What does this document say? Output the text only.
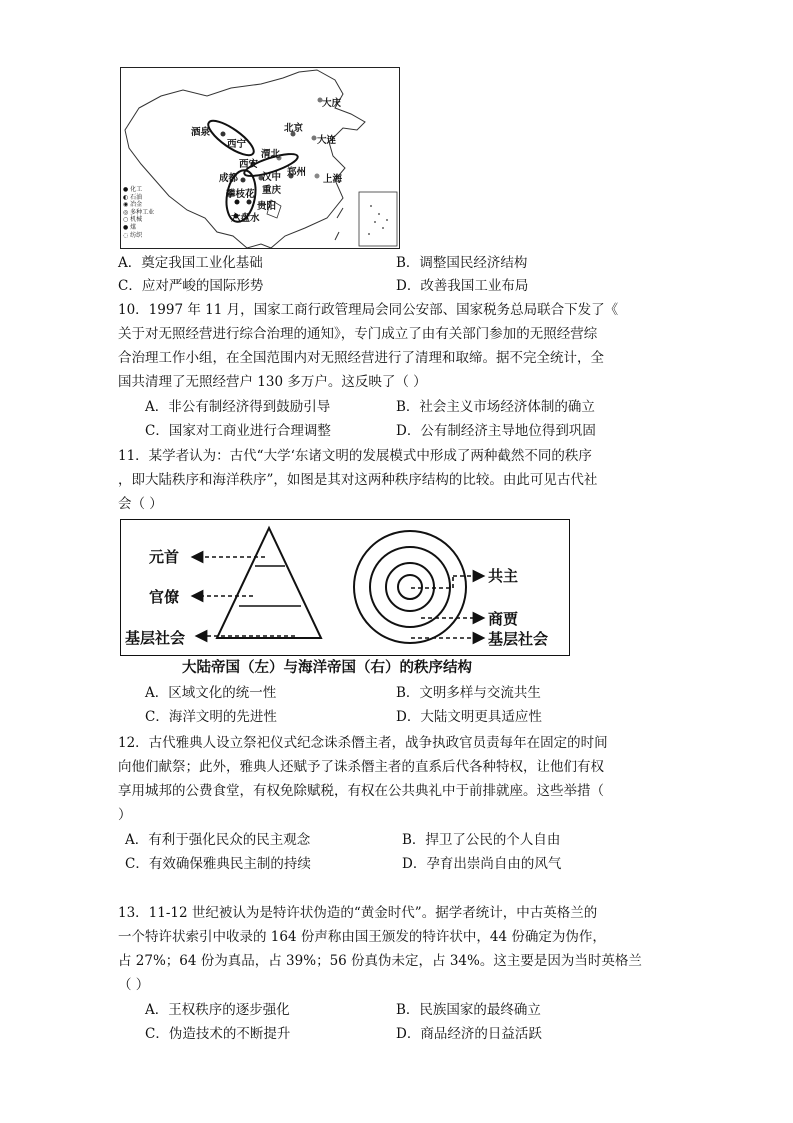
大庆
北京
大连
酒泉
西宁
渭北
西安
郑州
汉中
成都
重庆
上海
攀枝花
贵阳
六盘水
● 化工
◐ 石油
◉ 冶金
◎ 多种工业
○ 机械
● 煤
◌ 纺织
A．奠定我国工业化基础	B．调整国民经济结构
C．应对严峻的国际形势	D．改善我国工业布局
10．1997 年 11 月，国家工商行政管理局会同公安部、国家税务总局联合下发了《
关于对无照经营进行综合治理的通知》，专门成立了由有关部门参加的无照经营综
合治理工作小组，在全国范围内对无照经营进行了清理和取缔。据不完全统计，全
国共清理了无照经营户 130 多万户。这反映了（ ）
A．非公有制经济得到鼓励引导	B．社会主义市场经济体制的确立
C．国家对工商业进行合理调整	D．公有制经济主导地位得到巩固
11．某学者认为：古代“大学‘东诸文明的发展模式中形成了两种截然不同的秩序
，即大陆秩序和海洋秩序”，如图是其对这两种秩序结构的比较。由此可见古代社
会（ ）
元首
官僚
基层社会
共主
商贾
基层社会
大陆帝国（左）与海洋帝国（右）的秩序结构
A．区域文化的统一性	B．文明多样与交流共生
C．海洋文明的先进性	D．大陆文明更具适应性
12．古代雅典人设立祭祀仪式纪念诛杀僭主者，战争执政官员责每年在固定的时间
向他们献祭；此外，雅典人还赋予了诛杀僭主者的直系后代各种特权，让他们有权
享用城邦的公费食堂，有权免除赋税，有权在公共典礼中于前排就座。这些举措（
）
A．有利于强化民众的民主观念	B．捍卫了公民的个人自由
C．有效确保雅典民主制的持续	D．孕育出崇尚自由的风气
13．11-12 世纪被认为是特许状伪造的“黄金时代”。据学者统计，中古英格兰的
一个特许状索引中收录的 164 份声称由国王颁发的特许状中，44 份确定为伪作，
占 27%；64 份为真品，占 39%；56 份真伪未定，占 34%。这主要是因为当时英格兰
（ ）
A．王权秩序的逐步强化	B．民族国家的最终确立
C．伪造技术的不断提升	D．商品经济的日益活跃
